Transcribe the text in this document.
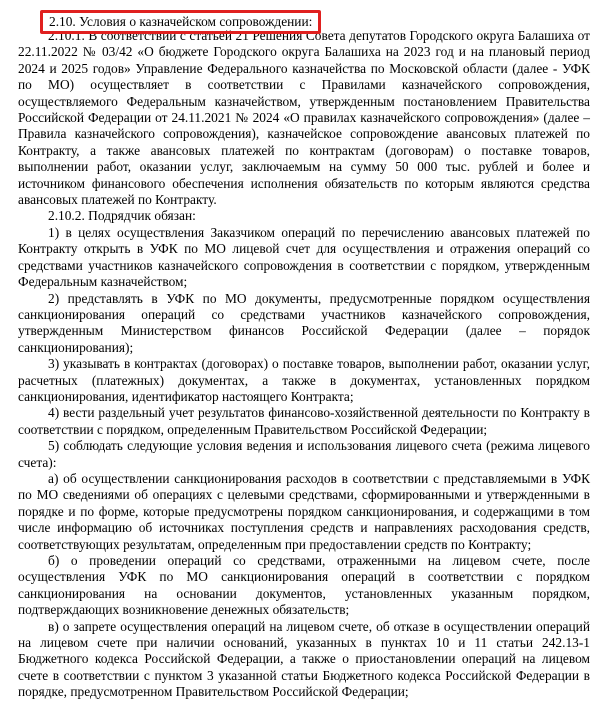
2.10. Условия о казначейском сопровождении:

2.10.1. В соответствии с статьей 21 Решения Совета депутатов Городского округа Балашиха от 22.11.2022 № 03/42 «О бюджете Городского округа Балашиха на 2023 год и на плановый период 2024 и 2025 годов» Управление Федерального казначейства по Московской области (далее - УФК по МО) осуществляет в соответствии с Правилами казначейского сопровождения, осуществляемого Федеральным казначейством, утвержденным постановлением Правительства Российской Федерации от 24.11.2021 № 2024 «О правилах казначейского сопровождения» (далее – Правила казначейского сопровождения), казначейское сопровождение авансовых платежей по Контракту, а также авансовых платежей по контрактам (договорам) о поставке товаров, выполнении работ, оказании услуг, заключаемым на сумму 50 000 тыс. рублей и более и источником финансового обеспечения исполнения обязательств по которым являются средства авансовых платежей по Контракту.

2.10.2. Подрядчик обязан:

1) в целях осуществления Заказчиком операций по перечислению авансовых платежей по Контракту открыть в УФК по МО лицевой счет для осуществления и отражения операций со средствами участников казначейского сопровождения в соответствии с порядком, утвержденным Федеральным казначейством;

2) представлять в УФК по МО документы, предусмотренные порядком осуществления санкционирования операций со средствами участников казначейского сопровождения, утвержденным Министерством финансов Российской Федерации (далее – порядок санкционирования);

3) указывать в контрактах (договорах) о поставке товаров, выполнении работ, оказании услуг, расчетных (платежных) документах, а также в документах, установленных порядком санкционирования, идентификатор настоящего Контракта;

4) вести раздельный учет результатов финансово-хозяйственной деятельности по Контракту в соответствии с порядком, определенным Правительством Российской Федерации;

5) соблюдать следующие условия ведения и использования лицевого счета (режима лицевого счета):

а) об осуществлении санкционирования расходов в соответствии с представляемыми в УФК по МО сведениями об операциях с целевыми средствами, сформированными и утвержденными в порядке и по форме, которые предусмотрены порядком санкционирования, и содержащими в том числе информацию об источниках поступления средств и направлениях расходования средств, соответствующих результатам, определенным при предоставлении средств по Контракту;

б) о проведении операций со средствами, отраженными на лицевом счете, после осуществления УФК по МО санкционирования операций в соответствии с порядком санкционирования на основании документов, установленных указанным порядком, подтверждающих возникновение денежных обязательств;

в) о запрете осуществления операций на лицевом счете, об отказе в осуществлении операций на лицевом счете при наличии оснований, указанных в пунктах 10 и 11 статьи 242.13-1 Бюджетного кодекса Российской Федерации, а также о приостановлении операций на лицевом счете в соответствии с пунктом 3 указанной статьи Бюджетного кодекса Российской Федерации в порядке, предусмотренном Правительством Российской Федерации;
